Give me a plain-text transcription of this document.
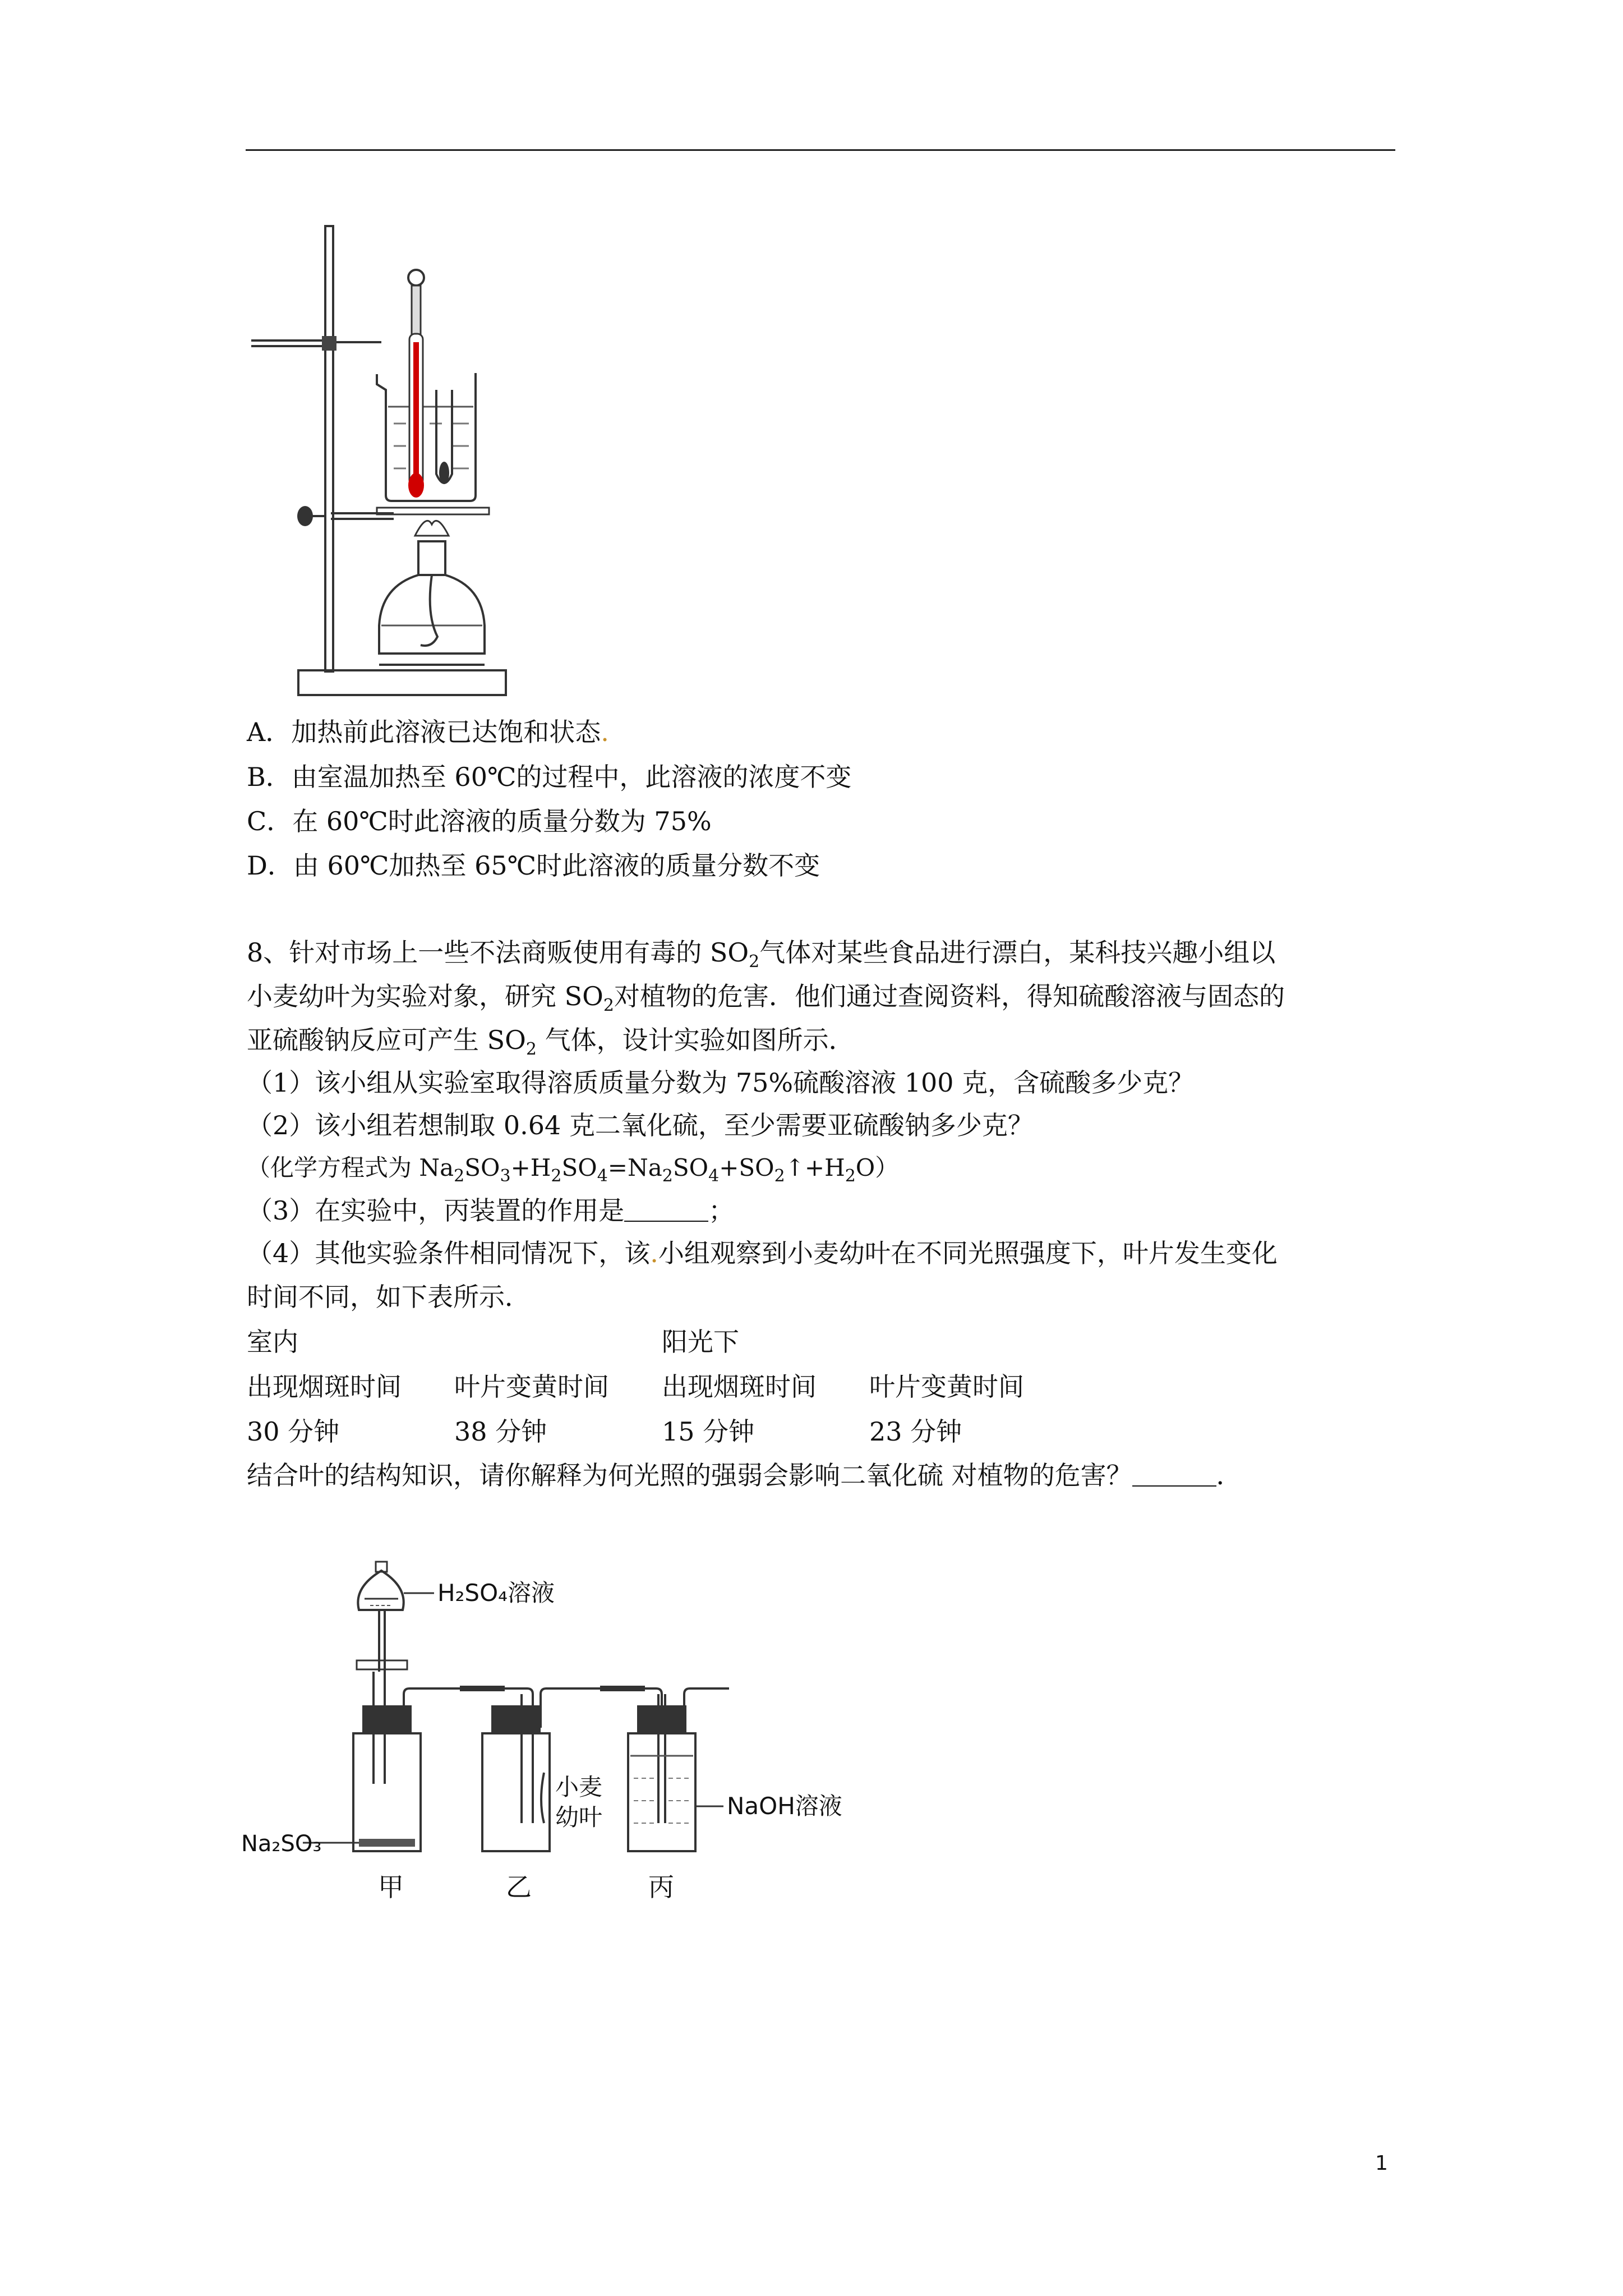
A．加热前此溶液已达饱和状态.
B．由室温加热至 60℃的过程中，此溶液的浓度不变
C．在 60℃时此溶液的质量分数为 75%
D．由 60℃加热至 65℃时此溶液的质量分数不变
8、针对市场上一些不法商贩使用有毒的 $SO_2$气体对某些食品进行漂白，某科技兴趣小组以
小麦幼叶为实验对象，研究 $SO_2$对植物的危害．他们通过查阅资料，得知硫酸溶液与固态的
亚硫酸钠反应可产生 $SO_2$ 气体，设计实验如图所示．
（1）该小组从实验室取得溶质质量分数为 75%硫酸溶液 100 克，含硫酸多少克？
（2）该小组若想制取 0.64 克二氧化硫，至少需要亚硫酸钠多少克？
（化学方程式为 $Na_2SO_3+H_2SO_4=Na_2SO_4+SO_2↑+H_2O$）
（3）在实验中，丙装置的作用是	；
（4）其他实验条件相同情况下，该.小组观察到小麦幼叶在不同光照强度下，叶片发生变化
时间不同，如下表所示．
室内	阳光下
出现烟斑时间 叶片变黄时间 出现烟斑时间 叶片变黄时间
30 分钟	38 分钟	15 分钟	23 分钟
结合叶的结构知识，请你解释为何光照的强弱会影响二氧化硫 对植物的危害？	．
H₂SO₄溶液
Na₂SO₃
甲
小麦
幼叶
乙
NaOH溶液
丙
1
